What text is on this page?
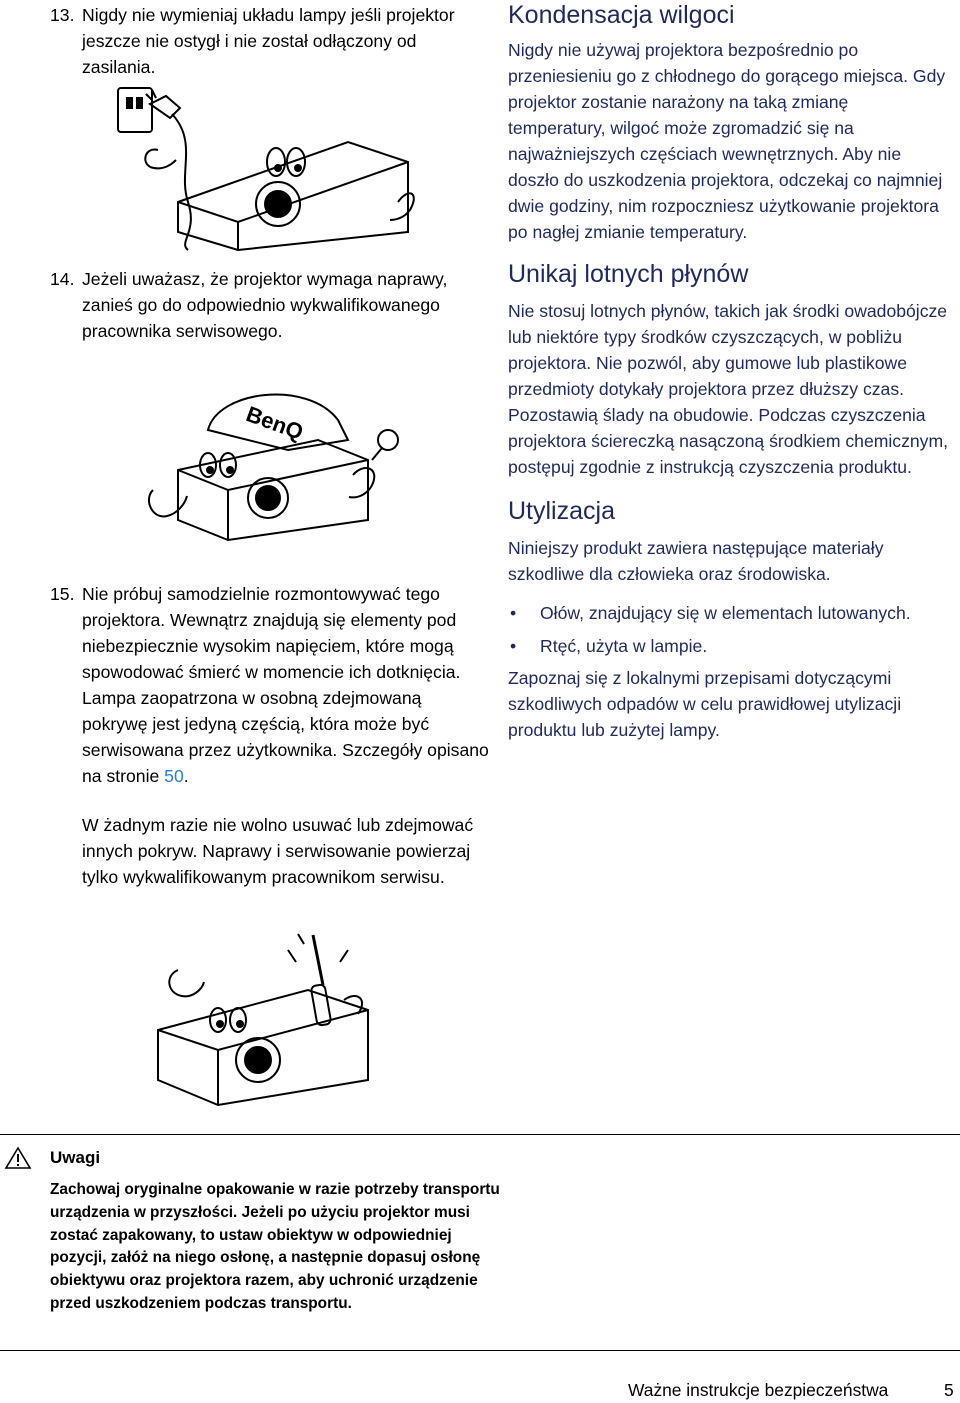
13. Nigdy nie wymieniaj układu lampy jeśli projektor jeszcze nie ostygł i nie został odłączony od zasilania.
14. Jeżeli uważasz, że projektor wymaga naprawy, zanieś go do odpowiednio wykwalifikowanego pracownika serwisowego.
BenQ
15. Nie próbuj samodzielnie rozmontowywać tego projektora. Wewnątrz znajdują się elementy pod niebezpiecznie wysokim napięciem, które mogą spowodować śmierć w momencie ich dotknięcia. Lampa zaopatrzona w osobną zdejmowaną pokrywę jest jedyną częścią, która może być serwisowana przez użytkownika. Szczegóły opisano na stronie 50.
W żadnym razie nie wolno usuwać lub zdejmować innych pokryw. Naprawy i serwisowanie powierzaj tylko wykwalifikowanym pracownikom serwisu.
Kondensacja wilgoci

Nigdy nie używaj projektora bezpośrednio po przeniesieniu go z chłodnego do gorącego miejsca. Gdy projektor zostanie narażony na taką zmianę temperatury, wilgoć może zgromadzić się na najważniejszych częściach wewnętrznych. Aby nie doszło do uszkodzenia projektora, odczekaj co najmniej dwie godziny, nim rozpoczniesz użytkowanie projektora po nagłej zmianie temperatury.

Unikaj lotnych płynów

Nie stosuj lotnych płynów, takich jak środki owadobójcze lub niektóre typy środków czyszczących, w pobliżu projektora. Nie pozwól, aby gumowe lub plastikowe przedmioty dotykały projektora przez dłuższy czas. Pozostawią ślady na obudowie. Podczas czyszczenia projektora ściereczką nasączoną środkiem chemicznym, postępuj zgodnie z instrukcją czyszczenia produktu.

Utylizacja

Niniejszy produkt zawiera następujące materiały szkodliwe dla człowieka oraz środowiska.

• Ołów, znajdujący się w elementach lutowanych.
• Rtęć, użyta w lampie.

Zapoznaj się z lokalnymi przepisami dotyczącymi szkodliwych odpadów w celu prawidłowej utylizacji produktu lub zużytej lampy.

Uwagi
Zachowaj oryginalne opakowanie w razie potrzeby transportu urządzenia w przyszłości. Jeżeli po użyciu projektor musi zostać zapakowany, to ustaw obiektyw w odpowiedniej pozycji, załóż na niego osłonę, a następnie dopasuj osłonę obiektywu oraz projektora razem, aby uchronić urządzenie przed uszkodzeniem podczas transportu.
Ważne instrukcje bezpieczeństwa	5
